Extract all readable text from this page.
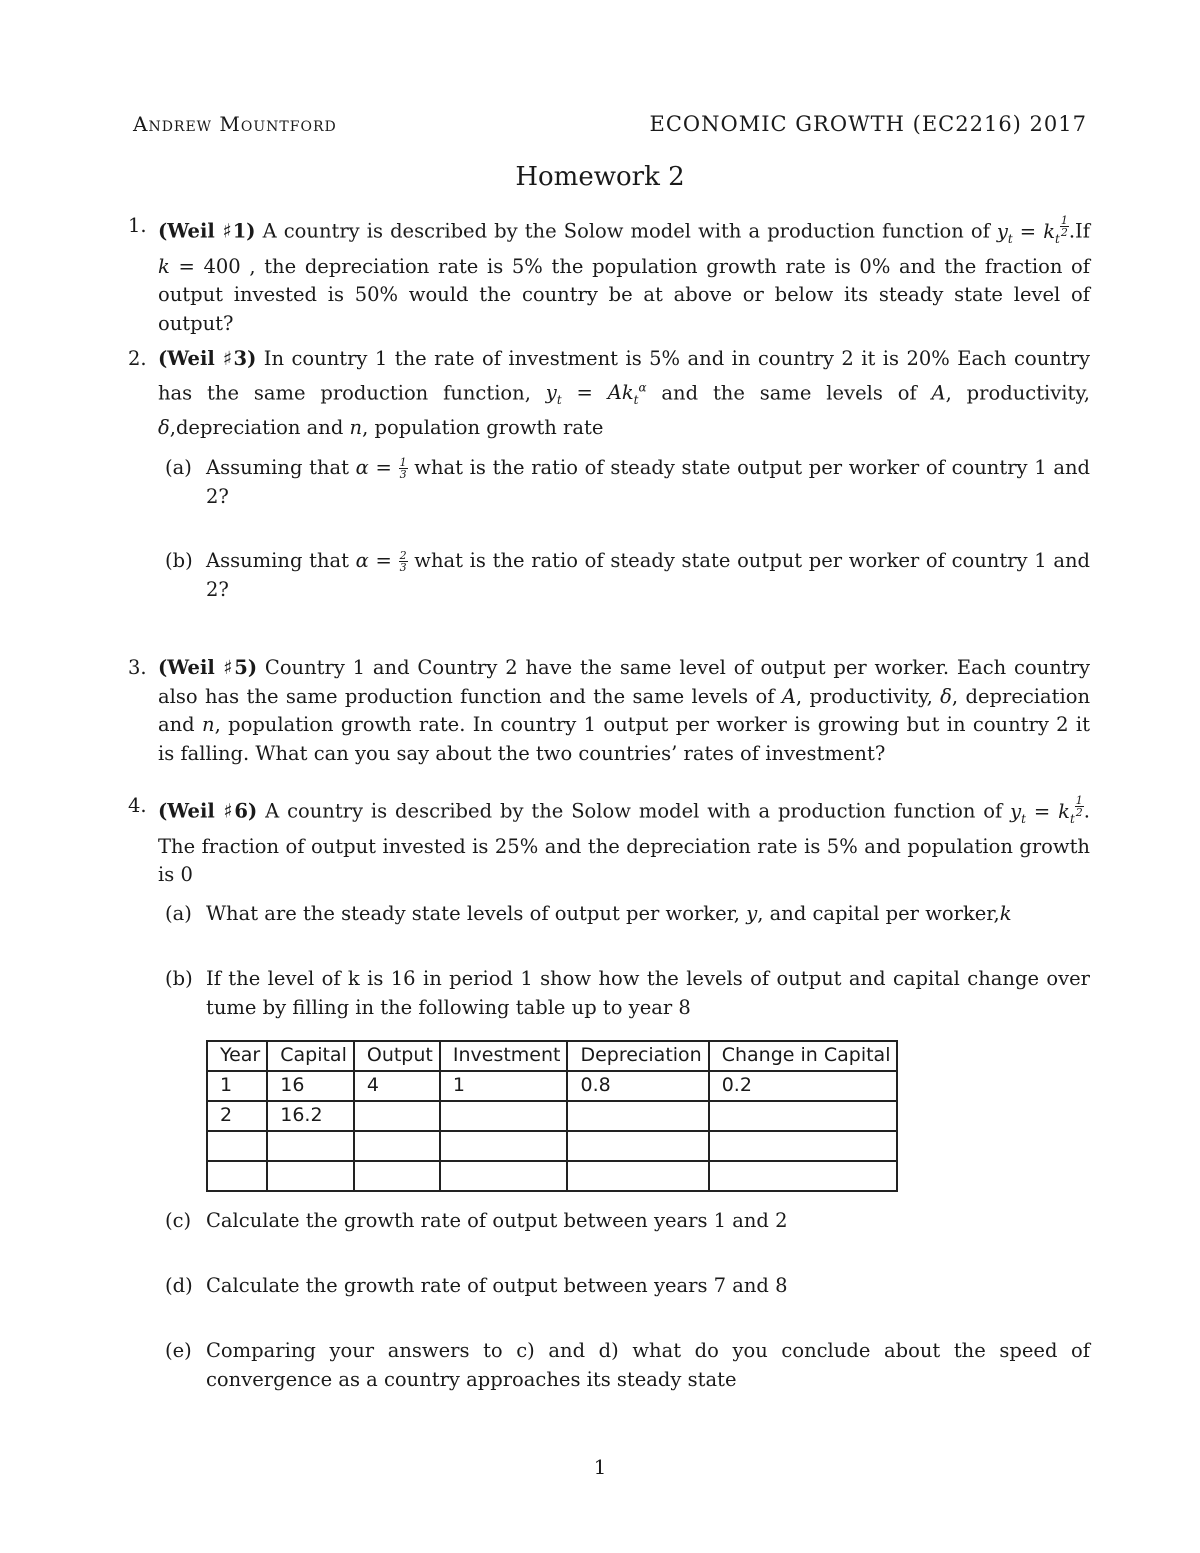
Andrew Mountford	ECONOMIC GROWTH (EC2216) 2017
Homework 2
1. (Weil ♯1) A country is described by the Solow model with a production function of $y_t = k_t$
$^{\frac{1}{2}}$ .If k = 400 , the depreciation rate is 5% the population growth rate is 0% and the fraction of output invested is 50% would the country be at above or below its steady state level of output?
2. (Weil ♯3) In country 1 the rate of investment is 5% and in country 2 it is 20% Each country has the same production function, $y_t = Ak_t^\alpha$ and the same levels of A, productivity, δ,depreciation and n, population growth rate
(a) Assuming that $\alpha = \frac{1}{3}$ what is the ratio of steady state output per worker of country 1 and 2?
(b) Assuming that $\alpha = \frac{2}{3}$ what is the ratio of steady state output per worker of country 1 and 2?
3. (Weil ♯5) Country 1 and Country 2 have the same level of output per worker. Each country also has the same production function and the same levels of A, productivity, δ, depreciation and n, population growth rate. In country 1 output per worker is growing but in country 2 it is falling. What can you say about the two countries’ rates of investment?
4. (Weil ♯6) A country is described by the Solow model with a production function of $y_t = k_t$
$^{\frac{1}{2}}$ . The fraction of output invested is 25% and the depreciation rate is 5% and population growth is 0
(a) What are the steady state levels of output per worker, y, and capital per worker,k
(b) If the level of k is 16 in period 1 show how the levels of output and capital change over tume by filling in the following table up to year 8
Year	Capital	Output	Investment	Depreciation	Change in Capital
1	16	4	1	0.8	0.2
2	16.2				

(c) Calculate the growth rate of output between years 1 and 2
(d) Calculate the growth rate of output between years 7 and 8
(e) Comparing your answers to c) and d) what do you conclude about the speed of convergence as a country approaches its steady state
1
